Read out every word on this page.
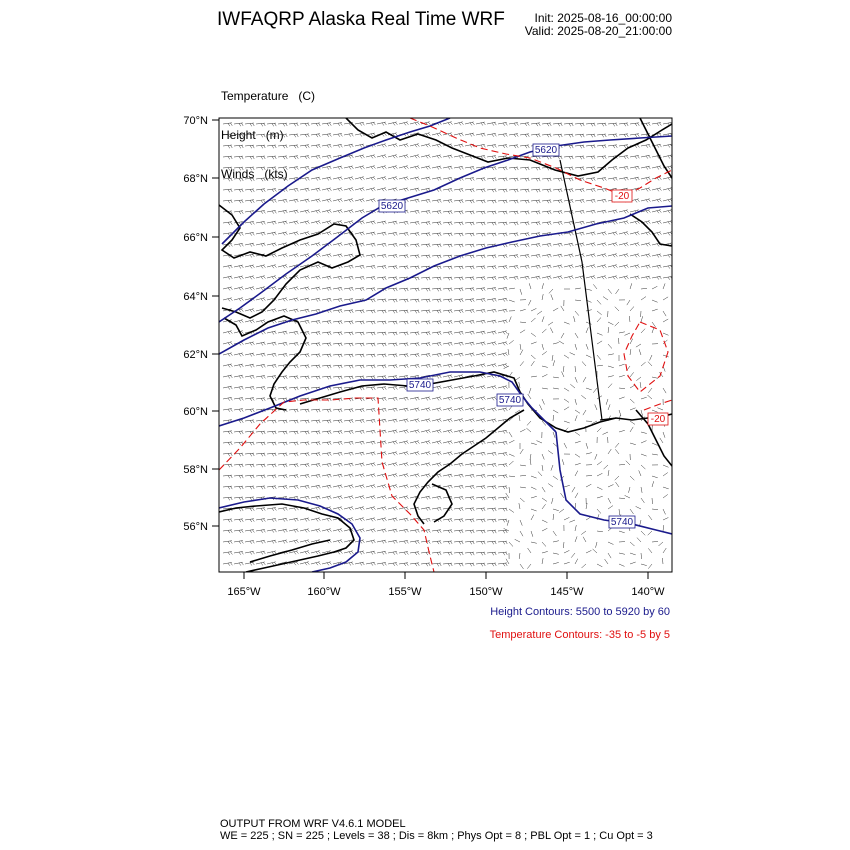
IWFAQRP Alaska Real Time WRF	Init: 2025-08-16_00:00:00
Valid: 2025-08-20_21:00:00

Temperature   (C)

Height   (m)

Winds   (kts)

5620
5620
5740
5740
5740
-20
-20
70°N
68°N
66°N
64°N
62°N
60°N
58°N
56°N
165°W	160°W	155°W	150°W	145°W	140°W
Height Contours: 5500 to 5920 by 60
Temperature Contours: -35 to -5 by 5
OUTPUT FROM WRF V4.6.1 MODEL
WE = 225 ; SN = 225 ; Levels = 38 ; Dis = 8km ; Phys Opt = 8 ; PBL Opt = 1 ; Cu Opt = 3
